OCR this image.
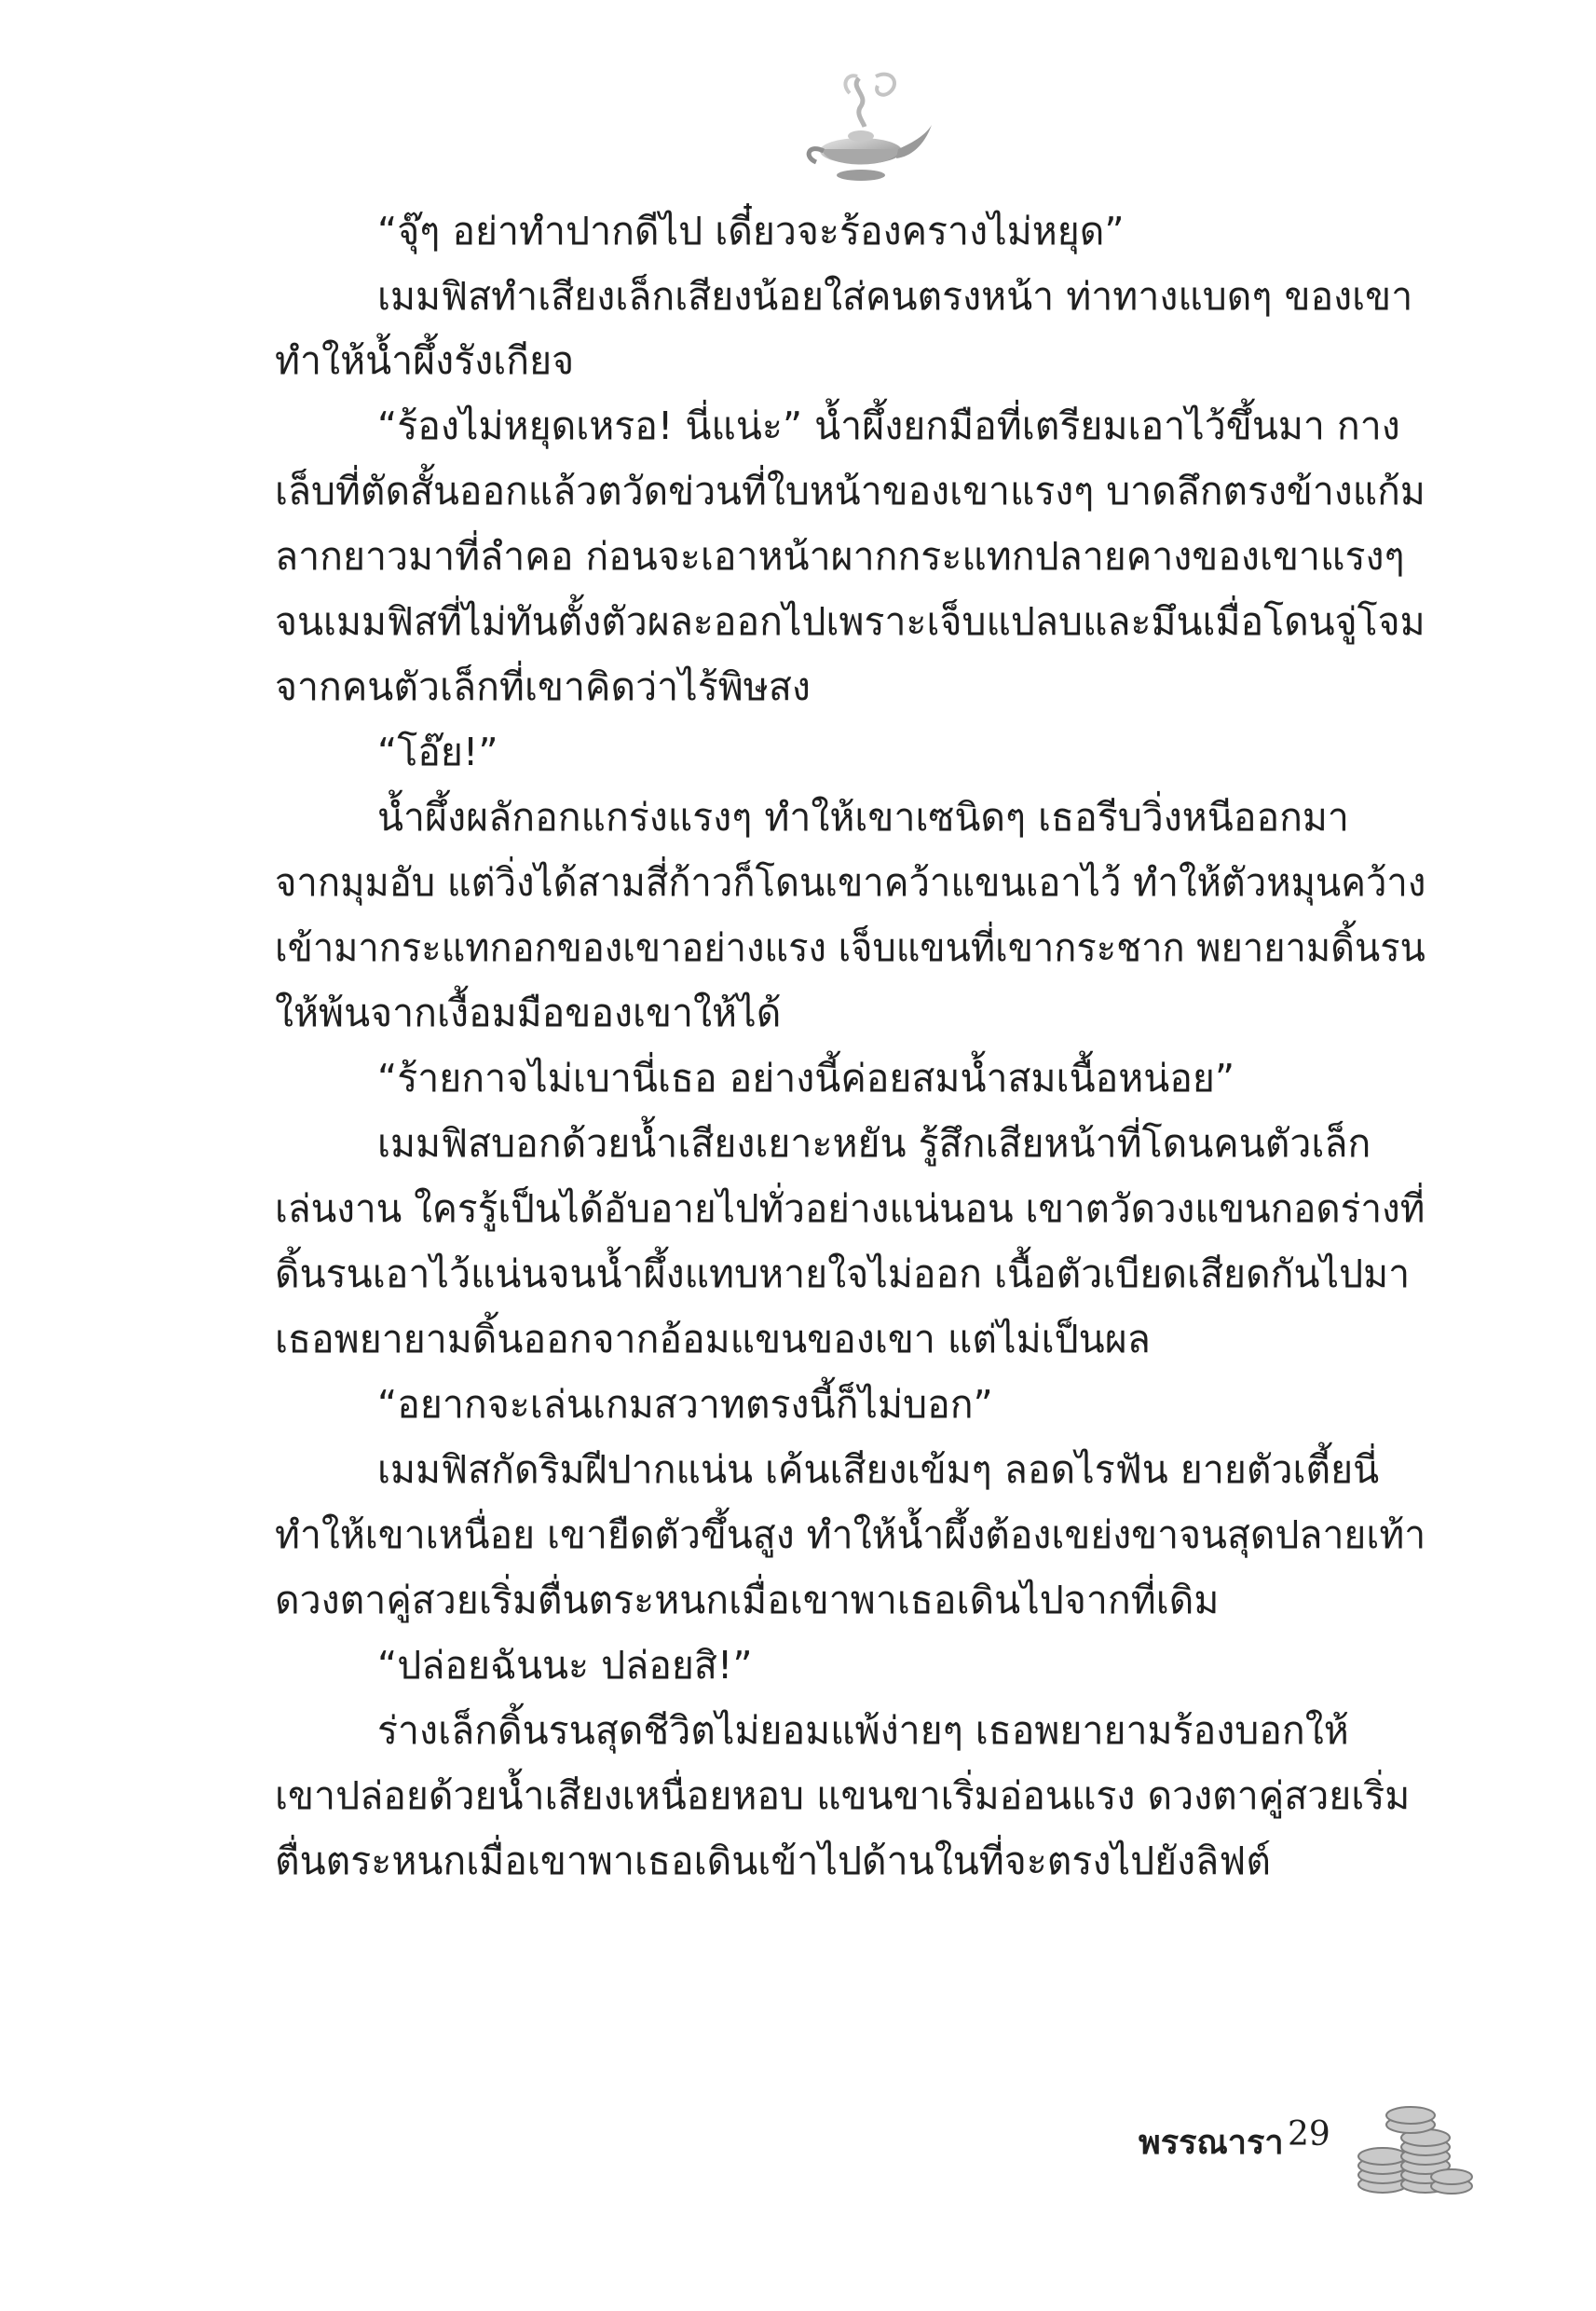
“จุ๊ๆ อย่าทำปากดีไป เดี๋ยวจะร้องครางไม่หยุด”
เมมฟิสทำเสียงเล็กเสียงน้อยใส่คนตรงหน้า ท่าทางแบดๆ ของเขา
ทำให้น้ำผึ้งรังเกียจ
“ร้องไม่หยุดเหรอ! นี่แน่ะ” น้ำผึ้งยกมือที่เตรียมเอาไว้ขึ้นมา กาง
เล็บที่ตัดสั้นออกแล้วตวัดข่วนที่ใบหน้าของเขาแรงๆ บาดลึกตรงข้างแก้ม
ลากยาวมาที่ลำคอ ก่อนจะเอาหน้าผากกระแทกปลายคางของเขาแรงๆ
จนเมมฟิสที่ไม่ทันตั้งตัวผละออกไปเพราะเจ็บแปลบและมึนเมื่อโดนจู่โจม
จากคนตัวเล็กที่เขาคิดว่าไร้พิษสง
“โอ๊ย!”
น้ำผึ้งผลักอกแกร่งแรงๆ ทำให้เขาเซนิดๆ เธอรีบวิ่งหนีออกมา
จากมุมอับ แต่วิ่งได้สามสี่ก้าวก็โดนเขาคว้าแขนเอาไว้ ทำให้ตัวหมุนคว้าง
เข้ามากระแทกอกของเขาอย่างแรง เจ็บแขนที่เขากระชาก พยายามดิ้นรน
ให้พ้นจากเงื้อมมือของเขาให้ได้
“ร้ายกาจไม่เบานี่เธอ อย่างนี้ค่อยสมน้ำสมเนื้อหน่อย”
เมมฟิสบอกด้วยน้ำเสียงเยาะหยัน รู้สึกเสียหน้าที่โดนคนตัวเล็ก
เล่นงาน ใครรู้เป็นได้อับอายไปทั่วอย่างแน่นอน เขาตวัดวงแขนกอดร่างที่
ดิ้นรนเอาไว้แน่นจนน้ำผึ้งแทบหายใจไม่ออก เนื้อตัวเบียดเสียดกันไปมา
เธอพยายามดิ้นออกจากอ้อมแขนของเขา แต่ไม่เป็นผล
“อยากจะเล่นเกมสวาทตรงนี้ก็ไม่บอก”
เมมฟิสกัดริมฝีปากแน่น เค้นเสียงเข้มๆ ลอดไรฟัน ยายตัวเตี้ยนี่
ทำให้เขาเหนื่อย เขายืดตัวขึ้นสูง ทำให้น้ำผึ้งต้องเขย่งขาจนสุดปลายเท้า
ดวงตาคู่สวยเริ่มตื่นตระหนกเมื่อเขาพาเธอเดินไปจากที่เดิม
“ปล่อยฉันนะ ปล่อยสิ!”
ร่างเล็กดิ้นรนสุดชีวิตไม่ยอมแพ้ง่ายๆ เธอพยายามร้องบอกให้
เขาปล่อยด้วยน้ำเสียงเหนื่อยหอบ แขนขาเริ่มอ่อนแรง ดวงตาคู่สวยเริ่ม
ตื่นตระหนกเมื่อเขาพาเธอเดินเข้าไปด้านในที่จะตรงไปยังลิฟต์
พรรณารา 29
